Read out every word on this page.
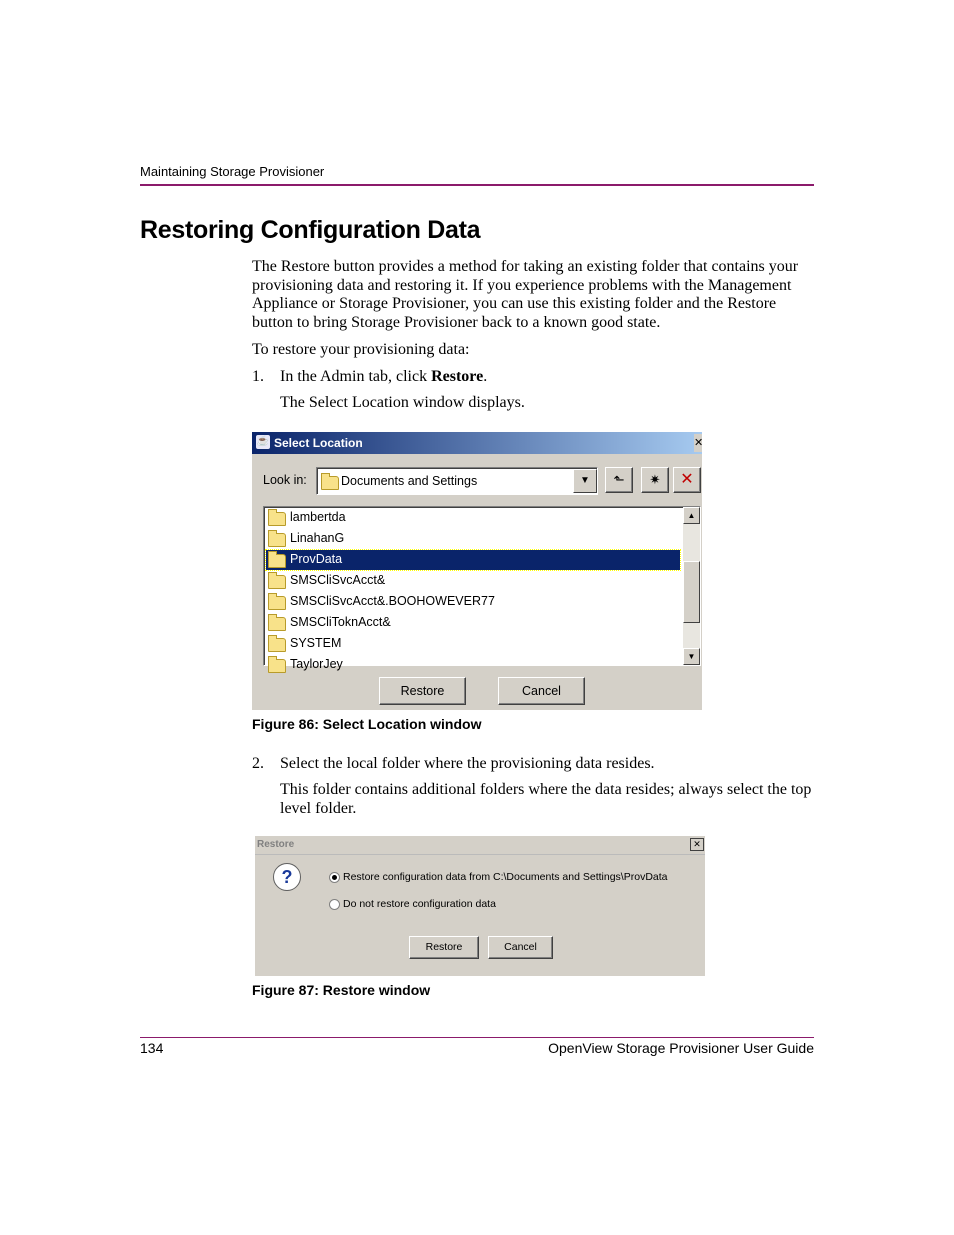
Maintaining Storage Provisioner
Restoring Configuration Data
The Restore button provides a method for taking an existing folder that contains your provisioning data and restoring it. If you experience problems with the Management Appliance or Storage Provisioner, you can use this existing folder and the Restore button to bring Storage Provisioner back to a known good state.
To restore your provisioning data:
1. In the Admin tab, click Restore.
The Select Location window displays.
☕ Select Location	✕
Look in:	Documents and Settings	▼	⬑	✷	✕
lambertda
LinahanG
ProvData
SMSCliSvcAcct&
SMSCliSvcAcct&.BOOHOWEVER77
SMSCliToknAcct&
SYSTEM
TaylorJey
▲
▼
Restore	Cancel
Figure 86: Select Location window
2. Select the local folder where the provisioning data resides.
This folder contains additional folders where the data resides; always select the top level folder.
Restore	✕
?	Restore configuration data from C:\Documents and Settings\ProvData
Do not restore configuration data
Restore	Cancel
Figure 87: Restore window
134	OpenView Storage Provisioner User Guide
